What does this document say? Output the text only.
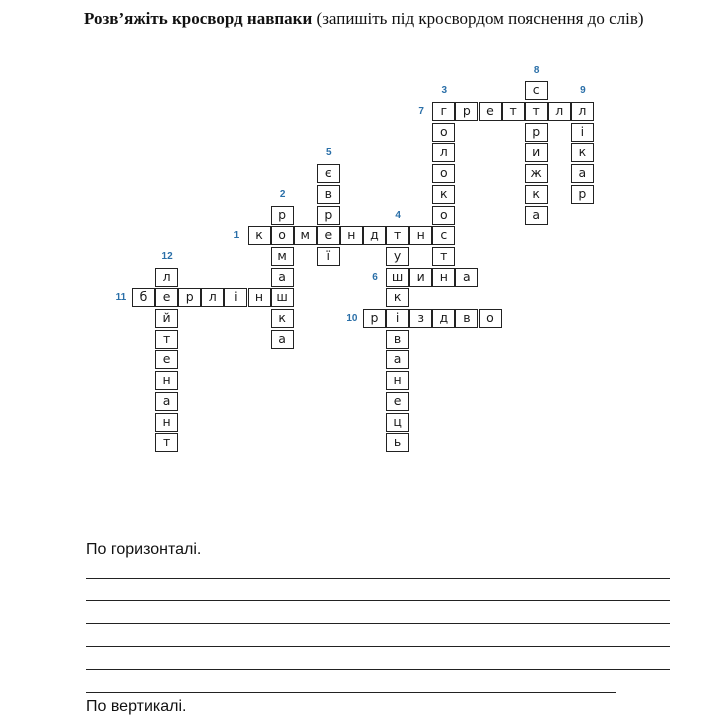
Розв’яжіть кросворд навпаки (запишіть під кросвордом пояснення до слів)
к	о	м	е	н	д	т	н	с
р
м
а
ш
к
а
г
о
л
о
к
о
т
у
ш
к
і
в
а
н
е
ц
ь
є
в
р
ї
и	н	а
р	е	т	т	л	л
с
р
и
ж
к
а
і
к
а
р
р	з	д	в	о
б	е	р	л	і	н
л
й
т
е
н
а
н
т
1
2
3
4
5
6
7
8
9
10
11
12
По горизонталі.
По вертикалі.
